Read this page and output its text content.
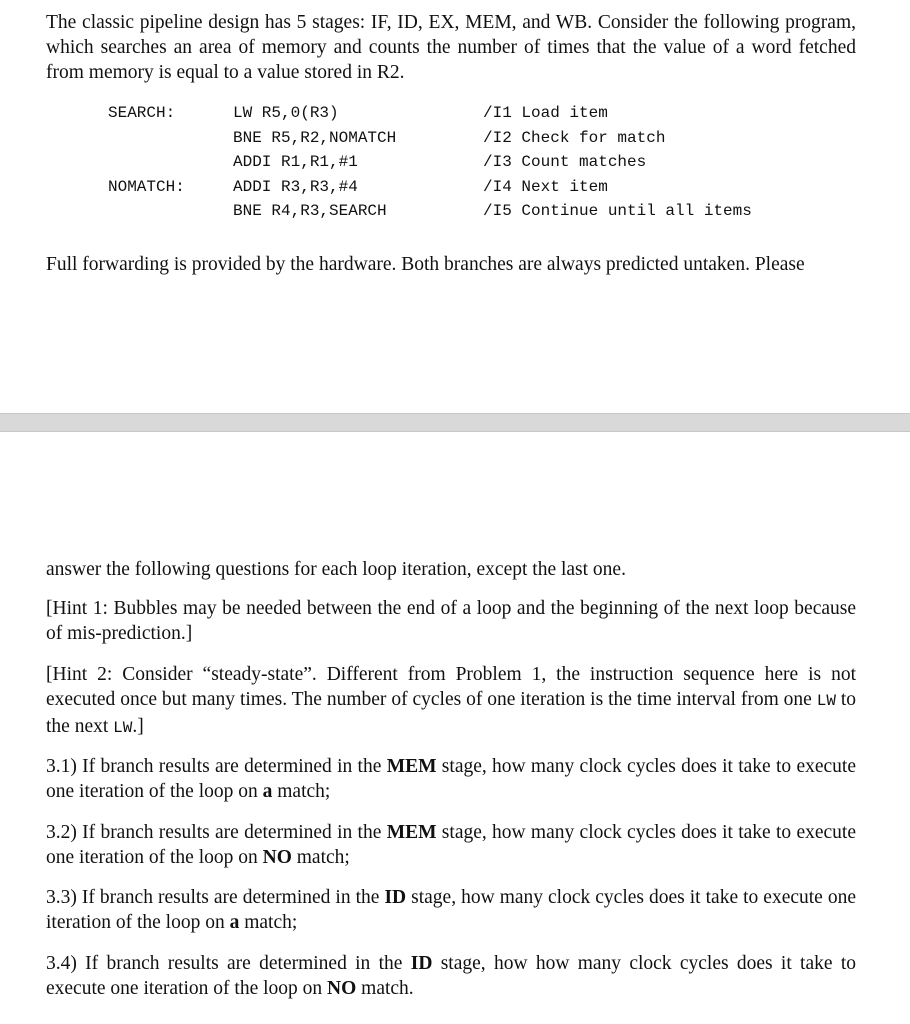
The classic pipeline design has 5 stages: IF, ID, EX, MEM, and WB. Consider the following program, which searches an area of memory and counts the number of times that the value of a word fetched from memory is equal to a value stored in R2.

SEARCH:

NOMATCH:

LW R5,0(R3)
BNE R5,R2,NOMATCH
ADDI R1,R1,#1
ADDI R3,R3,#4
BNE R4,R3,SEARCH
/I1 Load item
/I2 Check for match
/I3 Count matches
/I4 Next item
/I5 Continue until all items

Full forwarding is provided by the hardware. Both branches are always predicted untaken. Please

answer the following questions for each loop iteration, except the last one.

[Hint 1: Bubbles may be needed between the end of a loop and the beginning of the next loop because of mis-prediction.]

[Hint 2: Consider “steady-state”. Different from Problem 1, the instruction sequence here is not executed once but many times. The number of cycles of one iteration is the time interval from one LW to the next LW.]

3.1) If branch results are determined in the MEM stage, how many clock cycles does it take to execute one iteration of the loop on a match;

3.2) If branch results are determined in the MEM stage, how many clock cycles does it take to execute one iteration of the loop on NO match;

3.3) If branch results are determined in the ID stage, how many clock cycles does it take to execute one iteration of the loop on a match;

3.4) If branch results are determined in the ID stage, how how many clock cycles does it take to execute one iteration of the loop on NO match.
